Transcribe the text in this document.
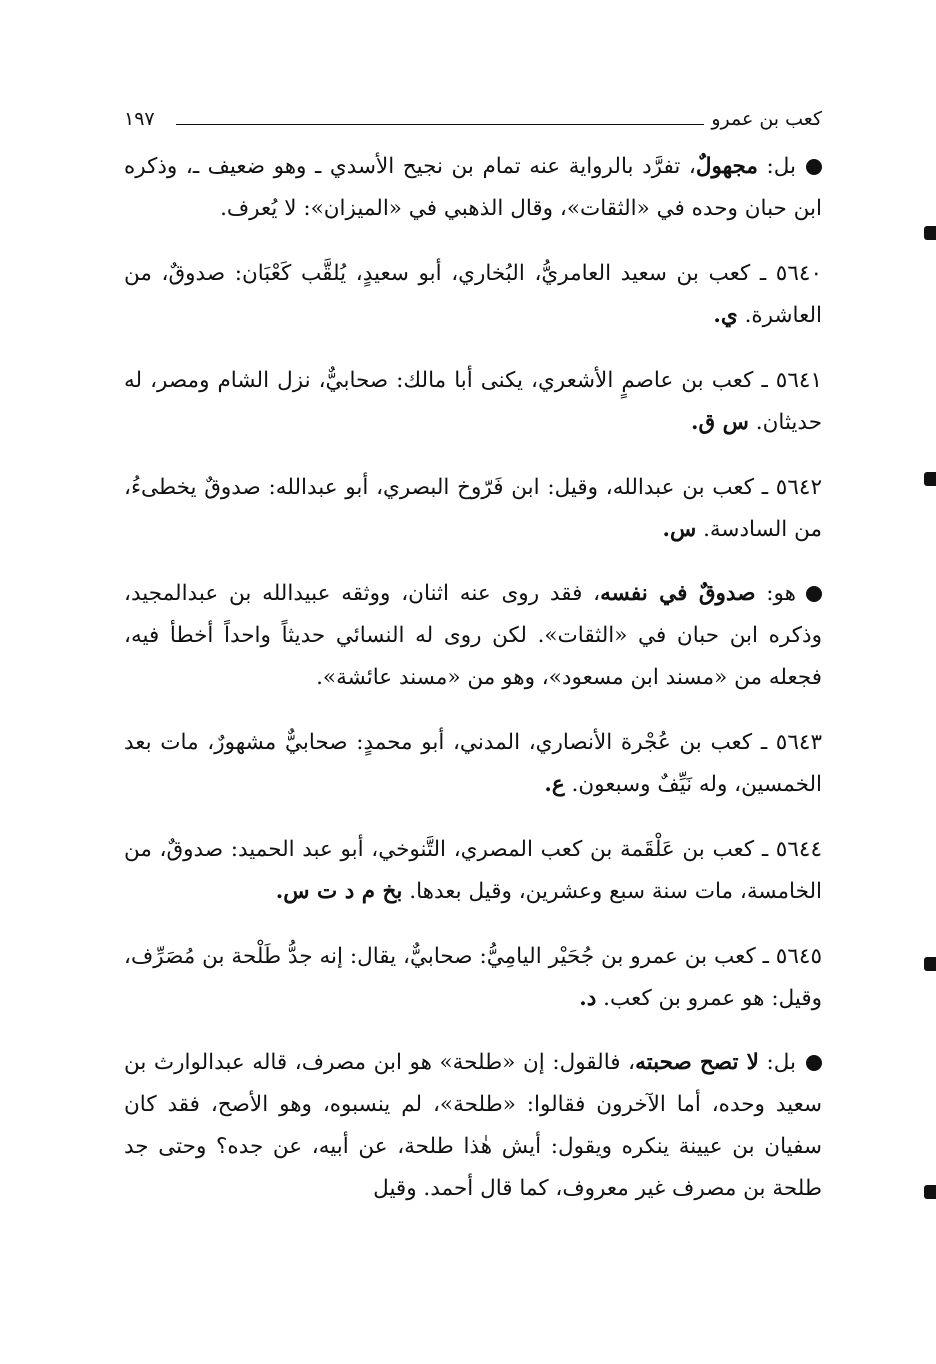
كعب بن عمرو
١٩٧

بل: مجهولٌ، تفرَّد بالرواية عنه تمام بن نجيح الأسدي ـ وهو ضعيف ـ، وذكره ابن حبان وحده في «الثقات»، وقال الذهبي في «الميزان»: لا يُعرف.

٥٦٤٠ ـ كعب بن سعيد العامريُّ، البُخاري، أبو سعيدٍ، يُلقَّب كَعْبَان: صدوقٌ، من العاشرة. ي.

٥٦٤١ ـ كعب بن عاصمٍ الأشعري، يكنى أبا مالك: صحابيٌّ، نزل الشام ومصر، له حديثان. س ق.

٥٦٤٢ ـ كعب بن عبدالله، وقيل: ابن فَرّوخ البصري، أبو عبدالله: صدوقٌ يخطىءُ، من السادسة. س.

هو: صدوقٌ في نفسه، فقد روى عنه اثنان، ووثقه عبيدالله بن عبدالمجيد، وذكره ابن حبان في «الثقات». لكن روى له النسائي حديثاً واحداً أخطأ فيه، فجعله من «مسند ابن مسعود»، وهو من «مسند عائشة».

٥٦٤٣ ـ كعب بن عُجْرة الأنصاري، المدني، أبو محمدٍ: صحابيٌّ مشهورٌ، مات بعد الخمسين، وله نَيِّفٌ وسبعون. ع.

٥٦٤٤ ـ كعب بن عَلْقَمة بن كعب المصري، التَّنوخي، أبو عبد الحميد: صدوقٌ، من الخامسة، مات سنة سبع وعشرين، وقيل بعدها. بخ م د ت س.

٥٦٤٥ ـ كعب بن عمرو بن جُحَيْر اليامِيُّ: صحابيٌّ، يقال: إنه جدُّ طَلْحة بن مُصَرِّف، وقيل: هو عمرو بن كعب. د.

بل: لا تصح صحبته، فالقول: إن «طلحة» هو ابن مصرف، قاله عبدالوارث بن سعيد وحده، أما الآخرون فقالوا: «طلحة»، لم ينسبوه، وهو الأصح، فقد كان سفيان بن عيينة ينكره ويقول: أيش هٰذا طلحة، عن أبيه، عن جده؟ وحتى جد طلحة بن مصرف غير معروف، كما قال أحمد. وقيل
